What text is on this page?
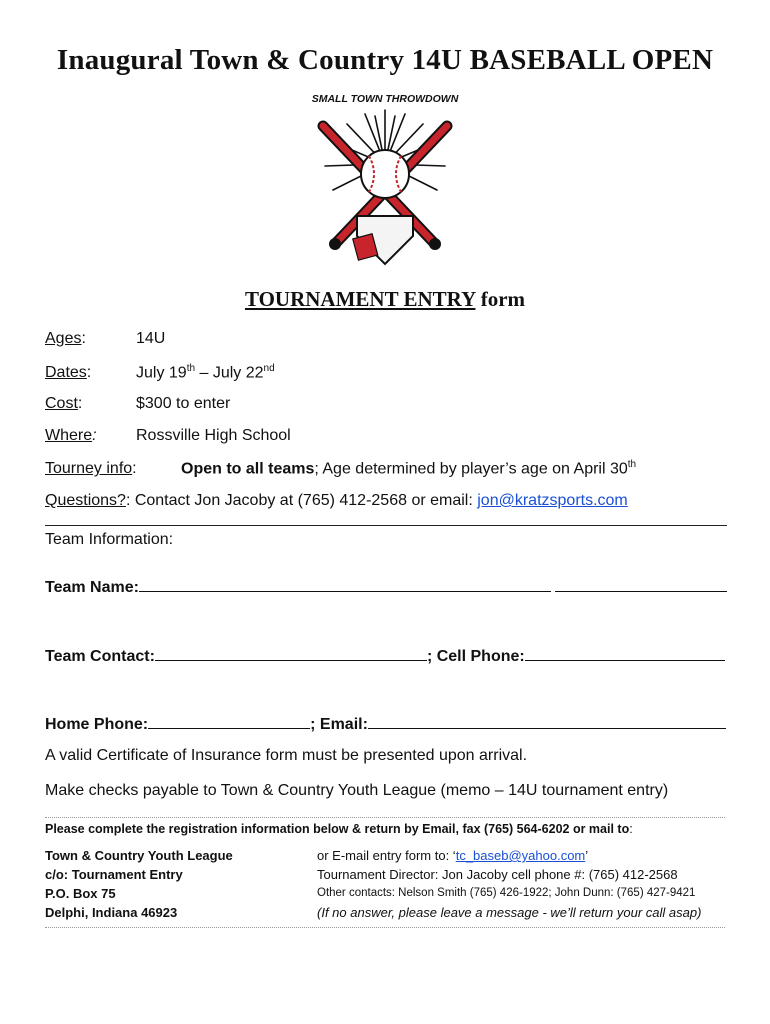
Inaugural Town & Country 14U BASEBALL OPEN
SMALL TOWN THROWDOWN
TOURNAMENT ENTRY form
Ages:	14U
Dates:	July 19th – July 22nd
Cost:	$300 to enter
Where: Rossville High School
Tourney info:	Open to all teams; Age determined by player’s age on April 30th
Questions?: Contact Jon Jacoby at (765) 412-2568 or email: jon@kratzsports.com
Team Information:
Team Name:
Team Contact:	; Cell Phone:
Home Phone:	; Email:
A valid Certificate of Insurance form must be presented upon arrival.
Make checks payable to Town & Country Youth League (memo – 14U tournament entry)
Please complete the registration information below & return by Email, fax (765) 564-6202 or mail to:
Town & Country Youth League
c/o: Tournament Entry
P.O. Box 75
Delphi, Indiana 46923
or E-mail entry form to: ‘tc_baseb@yahoo.com’
Tournament Director: Jon Jacoby cell phone #: (765) 412-2568
Other contacts: Nelson Smith (765) 426-1922; John Dunn: (765) 427-9421
(If no answer, please leave a message - we’ll return your call asap)
